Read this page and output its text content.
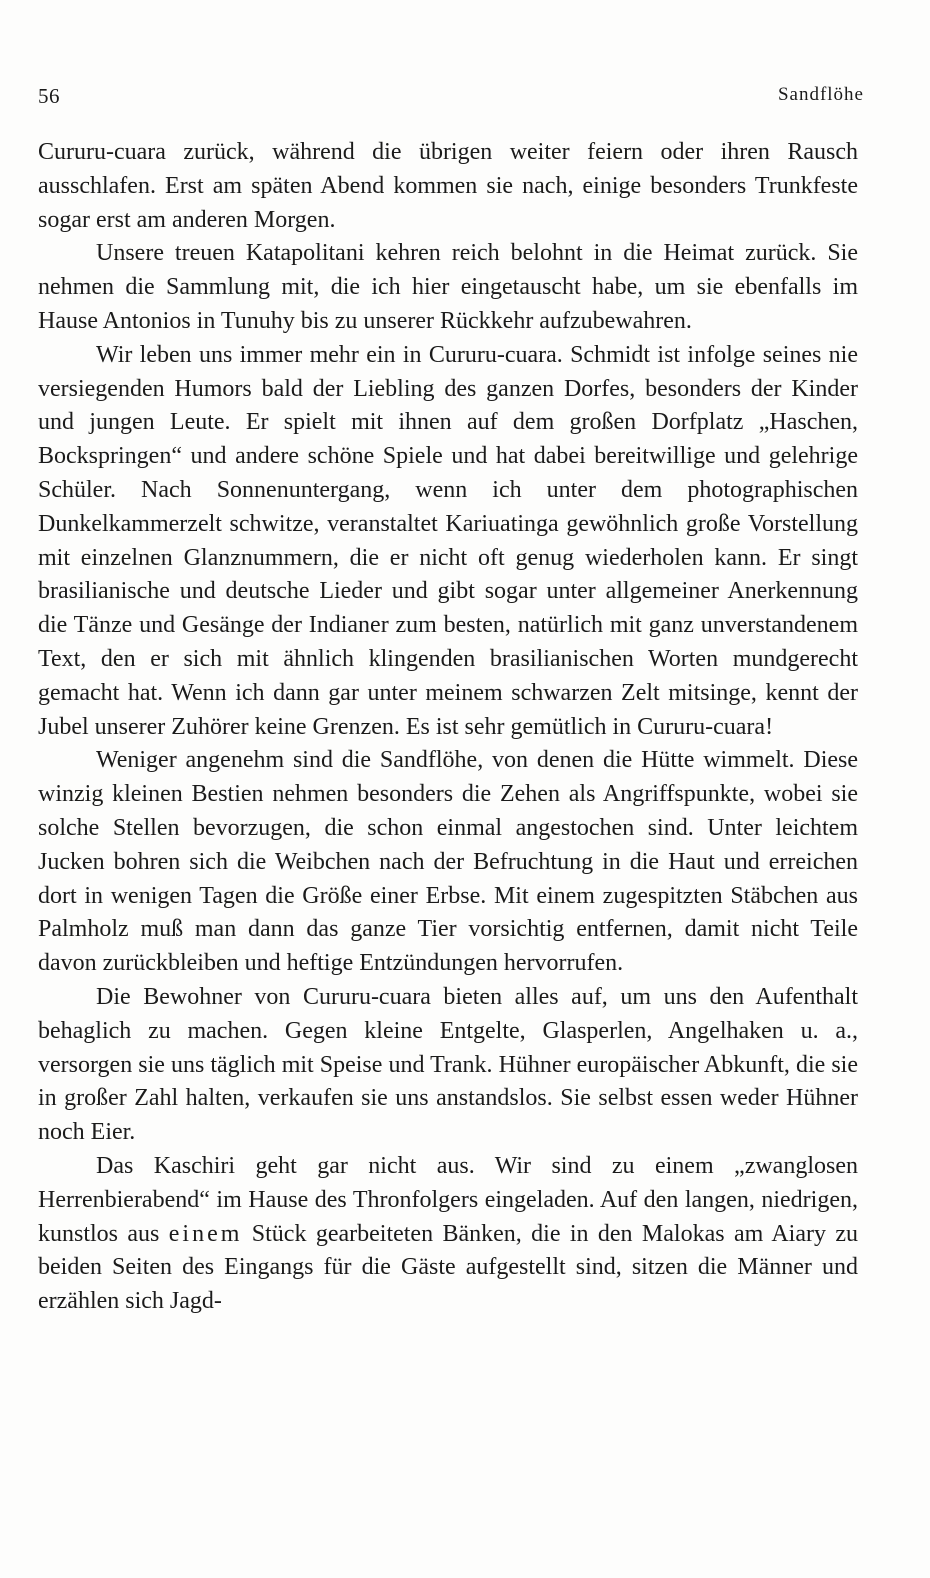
56	Sandflöhe

Cururu-cuara zurück, während die übrigen weiter feiern oder ihren Rausch ausschlafen. Erst am späten Abend kommen sie nach, einige besonders Trunkfeste sogar erst am anderen Morgen.

Unsere treuen Katapolitani kehren reich belohnt in die Heimat zurück. Sie nehmen die Sammlung mit, die ich hier eingetauscht habe, um sie ebenfalls im Hause Antonios in Tunuhy bis zu unserer Rückkehr aufzubewahren.

Wir leben uns immer mehr ein in Cururu-cuara. Schmidt ist infolge seines nie versiegenden Humors bald der Liebling des ganzen Dorfes, besonders der Kinder und jungen Leute. Er spielt mit ihnen auf dem großen Dorfplatz „Haschen, Bockspringen“ und andere schöne Spiele und hat dabei bereitwillige und gelehrige Schüler. Nach Sonnenuntergang, wenn ich unter dem photographischen Dunkelkammerzelt schwitze, veranstaltet Kariuatinga gewöhnlich große Vorstellung mit einzelnen Glanznummern, die er nicht oft genug wiederholen kann. Er singt brasilianische und deutsche Lieder und gibt sogar unter allgemeiner Anerkennung die Tänze und Gesänge der Indianer zum besten, natürlich mit ganz unverstandenem Text, den er sich mit ähnlich klingenden brasilianischen Worten mundgerecht gemacht hat. Wenn ich dann gar unter meinem schwarzen Zelt mitsinge, kennt der Jubel unserer Zuhörer keine Grenzen. Es ist sehr gemütlich in Cururu-cuara!

Weniger angenehm sind die Sandflöhe, von denen die Hütte wimmelt. Diese winzig kleinen Bestien nehmen besonders die Zehen als Angriffspunkte, wobei sie solche Stellen bevorzugen, die schon einmal angestochen sind. Unter leichtem Jucken bohren sich die Weibchen nach der Befruchtung in die Haut und erreichen dort in wenigen Tagen die Größe einer Erbse. Mit einem zugespitzten Stäbchen aus Palmholz muß man dann das ganze Tier vorsichtig entfernen, damit nicht Teile davon zurückbleiben und heftige Entzündungen hervorrufen.

Die Bewohner von Cururu-cuara bieten alles auf, um uns den Aufenthalt behaglich zu machen. Gegen kleine Entgelte, Glasperlen, Angelhaken u. a., versorgen sie uns täglich mit Speise und Trank. Hühner europäischer Abkunft, die sie in großer Zahl halten, verkaufen sie uns anstandslos. Sie selbst essen weder Hühner noch Eier.

Das Kaschiri geht gar nicht aus. Wir sind zu einem „zwanglosen Herrenbierabend“ im Hause des Thronfolgers eingeladen. Auf den langen, niedrigen, kunstlos aus einem Stück gearbeiteten Bänken, die in den Malokas am Aiary zu beiden Seiten des Eingangs für die Gäste aufgestellt sind, sitzen die Männer und erzählen sich Jagd-
